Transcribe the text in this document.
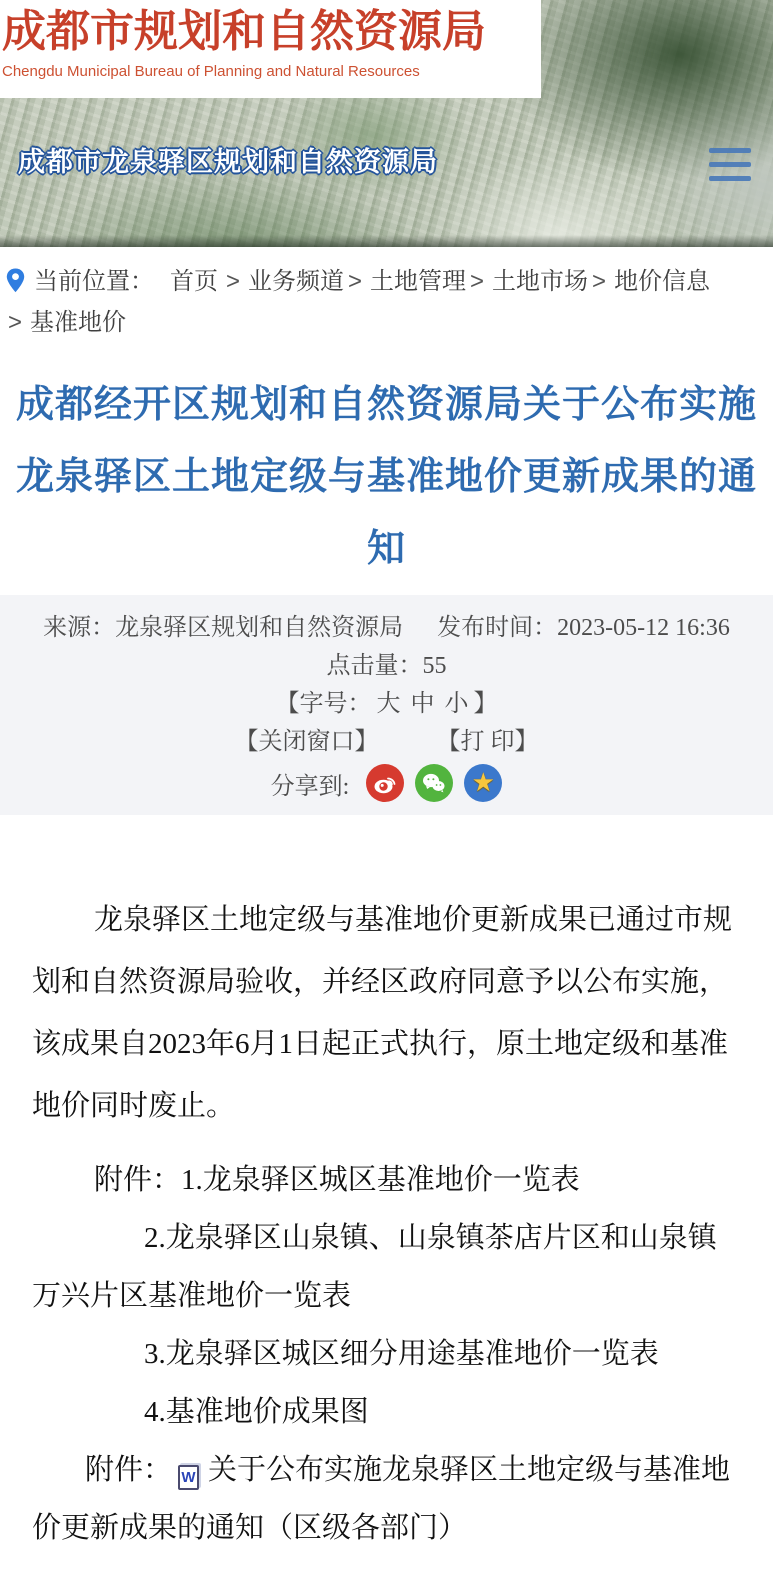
成都市规划和自然资源局
Chengdu Municipal Bureau of Planning and Natural Resources
成都市龙泉驿区规划和自然资源局
当前位置： 首页 > 业务频道 > 土地管理 > 土地市场 > 地价信息> 基准地价
成都经开区规划和自然资源局关于公布实施龙泉驿区土地定级与基准地价更新成果的通知
来源：龙泉驿区规划和自然资源局 发布时间：2023-05-12 16:36
点击量：55
【字号： 大 中 小 】
【关闭窗口】 【打 印】
分享到:	★

龙泉驿区土地定级与基准地价更新成果已通过市规划和自然资源局验收，并经区政府同意予以公布实施，该成果自2023年6月1日起正式执行，原土地定级和基准地价同时废止。

附件：1.龙泉驿区城区基准地价一览表

2.龙泉驿区山泉镇、山泉镇茶店片区和山泉镇万兴片区基准地价一览表

3.龙泉驿区城区细分用途基准地价一览表

4.基准地价成果图

附件： W 关于公布实施龙泉驿区土地定级与基准地价更新成果的通知（区级各部门）
